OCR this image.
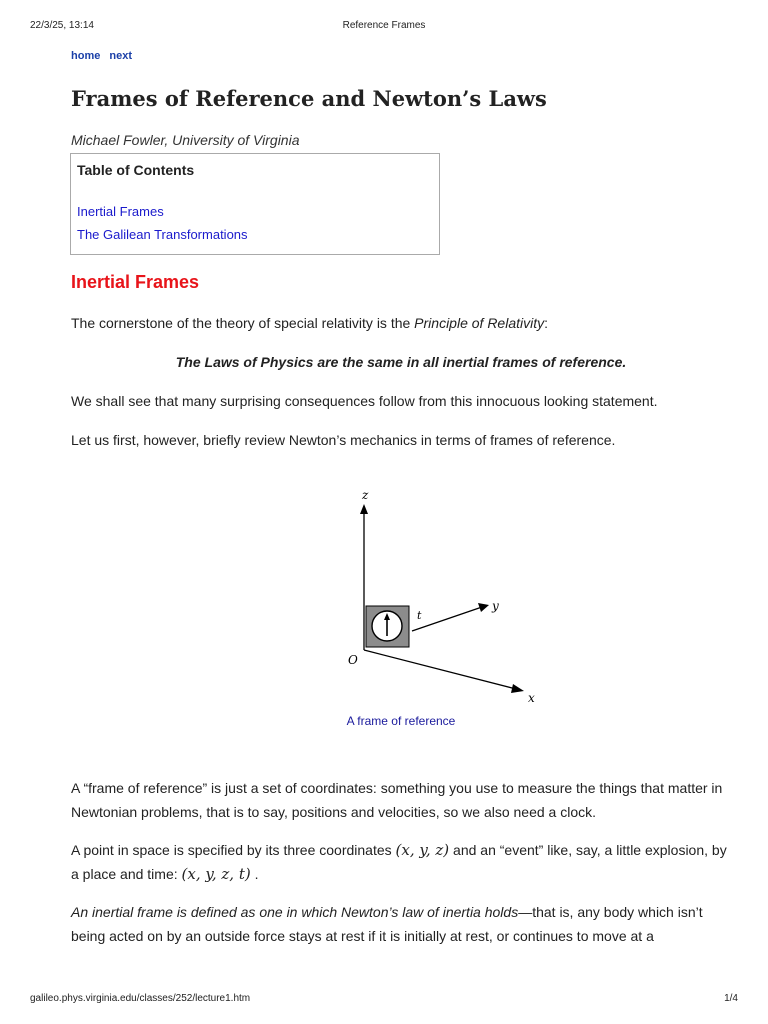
22/3/25, 13:14	Reference Frames
home next
Frames of Reference and Newton’s Laws
Michael Fowler, University of Virginia
Table of Contents
Inertial Frames
The Galilean Transformations
Inertial Frames

The cornerstone of the theory of special relativity is the Principle of Relativity:

The Laws of Physics are the same in all inertial frames of reference.

We shall see that many surprising consequences follow from this innocuous looking statement.

Let us first, however, briefly review Newton’s mechanics in terms of frames of reference.

z
x
y
t
O
A frame of reference

A “frame of reference” is just a set of coordinates: something you use to measure the things that matter in Newtonian problems, that is to say, positions and velocities, so we also need a clock.

A point in space is specified by its three coordinates (x, y, z) and an “event” like, say, a little explosion, by a place and time: (x, y, z, t) .

An inertial frame is defined as one in which Newton’s law of inertia holds—that is, any body which isn’t being acted on by an outside force stays at rest if it is initially at rest, or continues to move at a

galileo.phys.virginia.edu/classes/252/lecture1.htm	1/4
